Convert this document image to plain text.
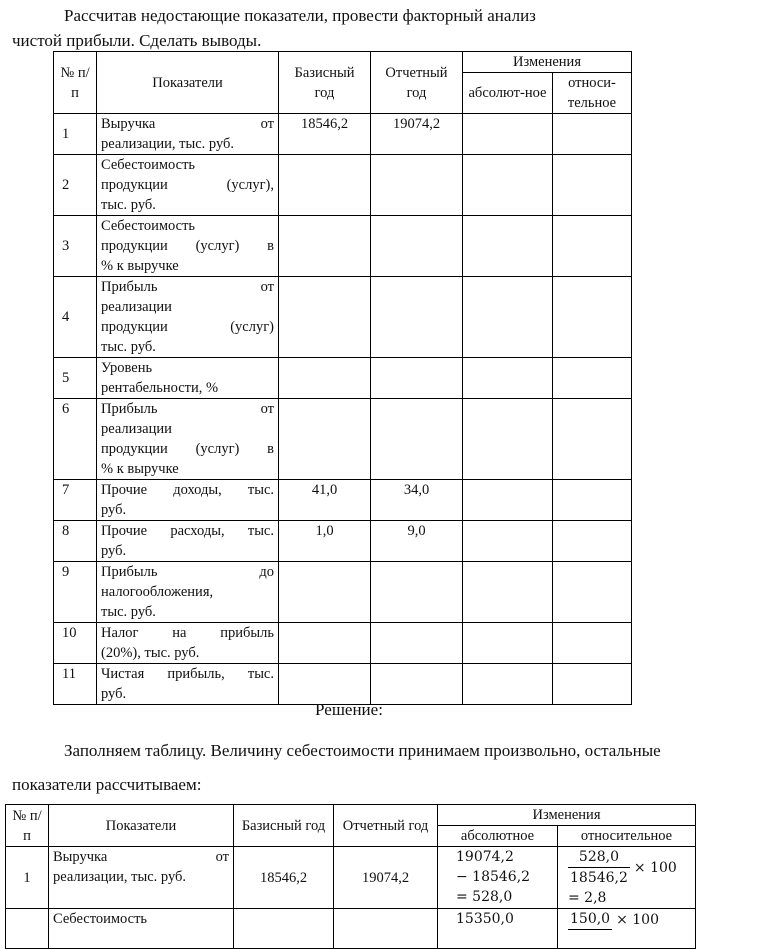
Рассчитав недостающие показатели, провести факторный анализ
чистой прибыли. Сделать выводы.
№ п/п	Показатели	Базисный год	Отчетный год	Изменения	
				абсолют-ное	относи-тельное
1	Выручка от
реализации, тыс. руб.	18546,2	19074,2		
2	Себестоимость
продукции (услуг),
тыс. руб.				

3	Себестоимость
продукции (услуг) в
% к выручке				

4	Прибыль от
реализации
продукции (услуг)
тыс. руб.				

5	Уровень
рентабельности, %				

6	Прибыль от
реализации
продукции (услуг) в
% к выручке				

7	Прочие доходы, тыс.
руб.	41,0	34,0		
8	Прочие расходы, тыс.
руб.	1,0	9,0		
9	Прибыль до
налогообложения,
тыс. руб.				

10	Налог на прибыль
(20%), тыс. руб.				

11	Чистая прибыль, тыс.
руб.				

Решение:
Заполняем таблицу. Величину себестоимости принимаем произвольно, остальные показатели рассчитываем:
№ п/п	Показатели	Базисный год	Отчетный год	Изменения	
				абсолютное	относительное
1	Выручка от
реализации, тыс. руб.	18546,2	19074,2	19074,2
− 18546,2
= 528,0	$\frac{528,0}{18546,2} \times 100$
= 2,8

	Себестоимость			15350,0	150,0 × 100
